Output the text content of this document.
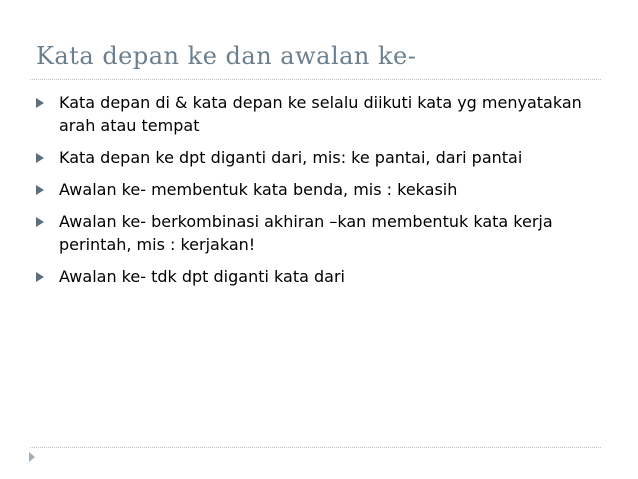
Kata depan ke dan awalan ke-
Kata depan di & kata depan ke selalu diikuti kata yg menyatakan arah atau tempat
Kata depan ke dpt diganti dari, mis: ke pantai, dari pantai
Awalan ke- membentuk kata benda, mis : kekasih
Awalan ke- berkombinasi akhiran –kan membentuk kata kerja perintah, mis : kerjakan!
Awalan ke- tdk dpt diganti kata dari
